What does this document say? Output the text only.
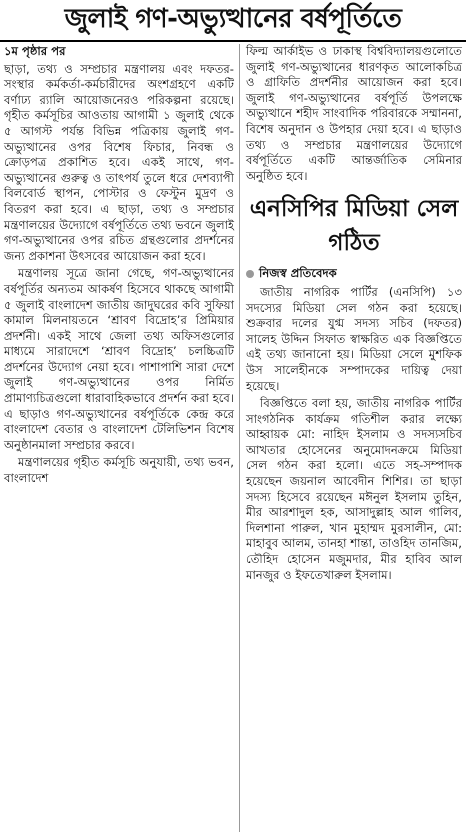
জুলাই গণ-অভ্যুত্থানের বর্ষপূর্তিতে
১ম পৃষ্ঠার পর

ছাড়া, তথ্য ও সম্প্রচার মন্ত্রণালয় এবং দফতর-সংস্থার কর্মকর্তা-কর্মচারীদের অংশগ্রহণে একটি বর্ণাঢ্য র‌্যালি আয়োজনেরও পরিকল্পনা রয়েছে। গৃহীত কর্মসূচির আওতায় আগামী ১ জুলাই থেকে ৫ আগস্ট পর্যন্ত বিভিন্ন পত্রিকায় জুলাই গণ-অভ্যুত্থানের ওপর বিশেষ ফিচার, নিবন্ধ ও ক্রোড়পত্র প্রকাশিত হবে। একই সাথে, গণ-অভ্যুত্থানের গুরুত্ব ও তাৎপর্য তুলে ধরে দেশব্যাপী বিলবোর্ড স্থাপন, পোস্টার ও ফেস্টুন মুদ্রণ ও বিতরণ করা হবে। এ ছাড়া, তথ্য ও সম্প্রচার মন্ত্রণালয়ের উদ্যোগে বর্ষপূর্তিতে তথ্য ভবনে জুলাই গণ-অভ্যুত্থানের ওপর রচিত গ্রন্থগুলোর প্রদর্শনের জন্য প্রকাশনা উৎসবের আয়োজন করা হবে।

মন্ত্রণালয় সূত্রে জানা গেছে, গণ-অভ্যুত্থানের বর্ষপূর্তির অন্যতম আকর্ষণ হিসেবে থাকছে আগামী ৫ জুলাই বাংলাদেশ জাতীয় জাদুঘরের কবি সুফিয়া কামাল মিলনায়তনে ‘শ্রাবণ বিদ্রোহ’র প্রিমিয়ার প্রদর্শনী। একই সাথে জেলা তথ্য অফিসগুলোর মাধ্যমে সারাদেশে ‘শ্রাবণ বিদ্রোহ’ চলচ্চিত্রটি প্রদর্শনের উদ্যোগ নেয়া হবে। পাশাপাশি সারা দেশে জুলাই গণ-অভ্যুত্থানের ওপর নির্মিত প্রামাণ্যচিত্রগুলো ধারাবাহিকভাবে প্রদর্শন করা হবে। এ ছাড়াও গণ-অভ্যুত্থানের বর্ষপূর্তিকে কেন্দ্র করে বাংলাদেশ বেতার ও বাংলাদেশ টেলিভিশন বিশেষ অনুষ্ঠানমালা সম্প্রচার করবে।

মন্ত্রণালয়ের গৃহীত কর্মসূচি অনুযায়ী, তথ্য ভবন, বাংলাদেশ

ফিল্ম আর্কাইভ ও ঢাকাস্থ বিশ্ববিদ্যালয়গুলোতে জুলাই গণ-অভ্যুত্থানের ধারণকৃত আলোকচিত্র ও গ্রাফিতি প্রদর্শনীর আয়োজন করা হবে। জুলাই গণ-অভ্যুত্থানের বর্ষপূর্তি উপলক্ষে অভ্যুত্থানে শহীদ সাংবাদিক পরিবারকে সম্মাননা, বিশেষ অনুদান ও উপহার দেয়া হবে। এ ছাড়াও তথ্য ও সম্প্রচার মন্ত্রণালয়ের উদ্যোগে বর্ষপূর্তিতে একটি আন্তর্জাতিক সেমিনার অনুষ্ঠিত হবে।

এনসিপির মিডিয়া সেল গঠিত
নিজস্ব প্রতিবেদক

জাতীয় নাগরিক পার্টির (এনসিপি) ১৩ সদস্যের মিডিয়া সেল গঠন করা হয়েছে। শুক্রবার দলের যুগ্ম সদস্য সচিব (দফতর) সালেহ উদ্দিন সিফাত স্বাক্ষরিত এক বিজ্ঞপ্তিতে এই তথ্য জানানো হয়। মিডিয়া সেলে মুশফিক উস সালেহীনকে সম্পাদকের দায়িত্ব দেয়া হয়েছে।

বিজ্ঞপ্তিতে বলা হয়, জাতীয় নাগরিক পার্টির সাংগঠনিক কার্যক্রম গতিশীল করার লক্ষ্যে আহ্বায়ক মো: নাহিদ ইসলাম ও সদস্যসচিব আখতার হোসেনের অনুমোদনক্রমে মিডিয়া সেল গঠন করা হলো। এতে সহ-সম্পাদক হয়েছেন জয়নাল আবেদীন শিশির। তা ছাড়া সদস্য হিসেবে রয়েছেন মঈনুল ইসলাম তুহিন, মীর আরশাদুল হক, আসাদুল্লাহ আল গালিব, দিলশানা পারুল, খান মুহাম্মদ মুরসালীন, মো: মাহাবুব আলম, তানহা শান্তা, তাওহিদ তানজিম, তৌহিদ হোসেন মজুমদার, মীর হাবিব আল মানজুর ও ইফতেখারুল ইসলাম।
